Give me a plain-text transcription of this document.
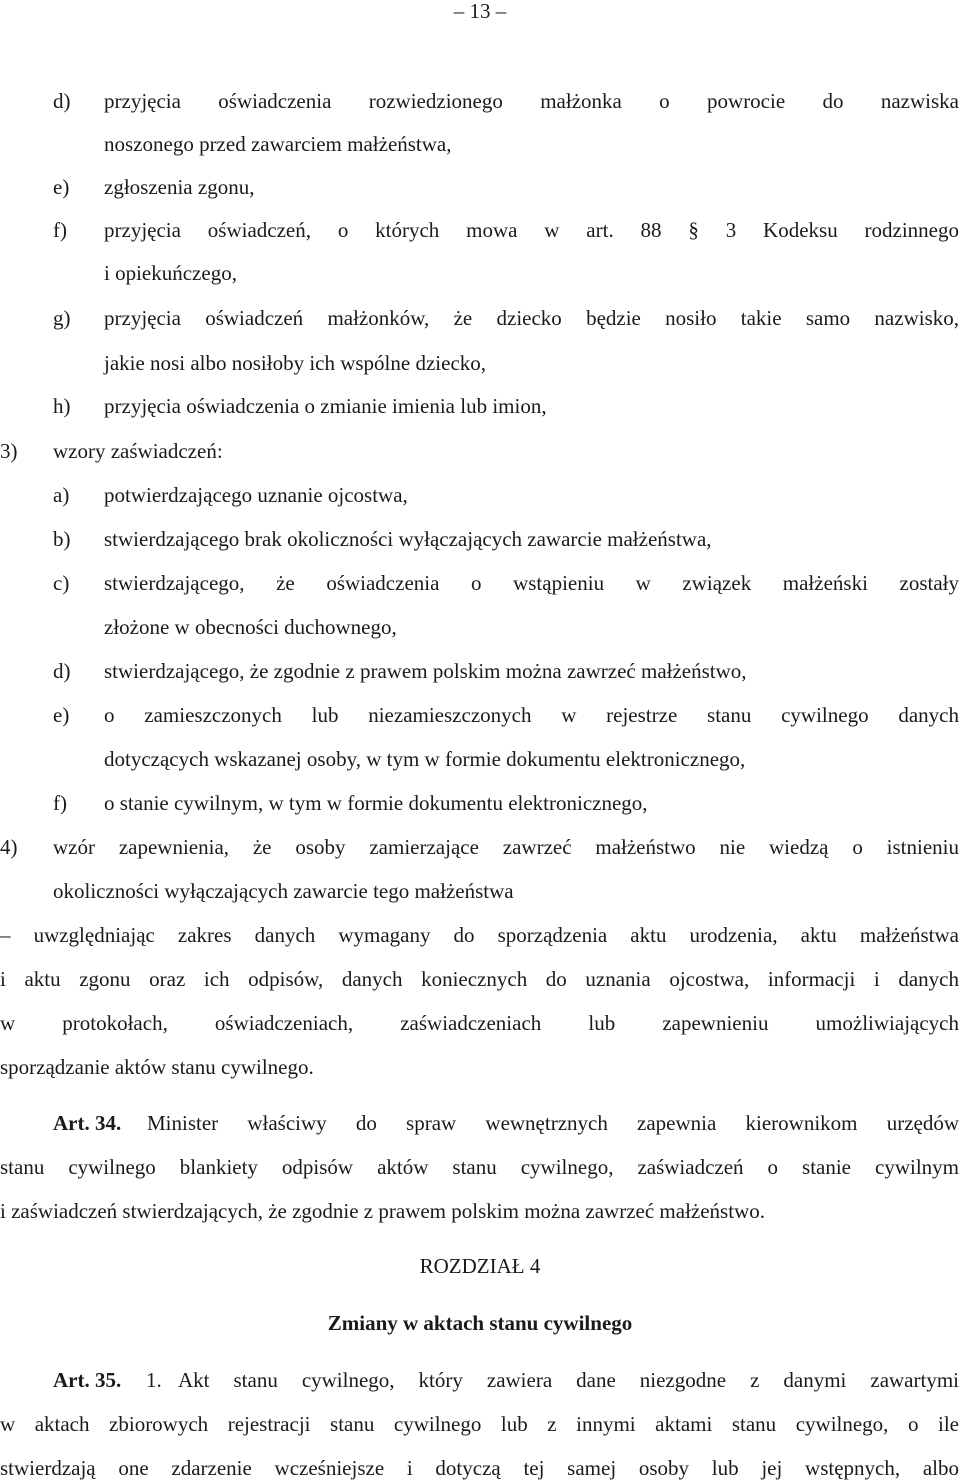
– 13 –
d) przyjęcia oświadczenia rozwiedzionego małżonka o powrocie do nazwiska
noszonego przed zawarciem małżeństwa,
e) zgłoszenia zgonu,
f) przyjęcia oświadczeń, o których mowa w art. 88 § 3 Kodeksu rodzinnego
i opiekuńczego,
g) przyjęcia oświadczeń małżonków, że dziecko będzie nosiło takie samo nazwisko,
jakie nosi albo nosiłoby ich wspólne dziecko,
h) przyjęcia oświadczenia o zmianie imienia lub imion,
3) wzory zaświadczeń:
a) potwierdzającego uznanie ojcostwa,
b) stwierdzającego brak okoliczności wyłączających zawarcie małżeństwa,
c) stwierdzającego, że oświadczenia o wstąpieniu w związek małżeński zostały
złożone w obecności duchownego,
d) stwierdzającego, że zgodnie z prawem polskim można zawrzeć małżeństwo,
e) o zamieszczonych lub niezamieszczonych w rejestrze stanu cywilnego danych
dotyczących wskazanej osoby, w tym w formie dokumentu elektronicznego,
f) o stanie cywilnym, w tym w formie dokumentu elektronicznego,
4) wzór zapewnienia, że osoby zamierzające zawrzeć małżeństwo nie wiedzą o istnieniu
okoliczności wyłączających zawarcie tego małżeństwa
– uwzględniając zakres danych wymagany do sporządzenia aktu urodzenia, aktu małżeństwa
i aktu zgonu oraz ich odpisów, danych koniecznych do uznania ojcostwa, informacji i danych
w protokołach, oświadczeniach, zaświadczeniach lub zapewnieniu umożliwiających
sporządzanie aktów stanu cywilnego.
Art. 34. Minister właściwy do spraw wewnętrznych zapewnia kierownikom urzędów
stanu cywilnego blankiety odpisów aktów stanu cywilnego, zaświadczeń o stanie cywilnym
i zaświadczeń stwierdzających, że zgodnie z prawem polskim można zawrzeć małżeństwo.
ROZDZIAŁ 4
Zmiany w aktach stanu cywilnego
Art. 35. 1. Akt stanu cywilnego, który zawiera dane niezgodne z danymi zawartymi
w aktach zbiorowych rejestracji stanu cywilnego lub z innymi aktami stanu cywilnego, o ile
stwierdzają one zdarzenie wcześniejsze i dotyczą tej samej osoby lub jej wstępnych, albo
